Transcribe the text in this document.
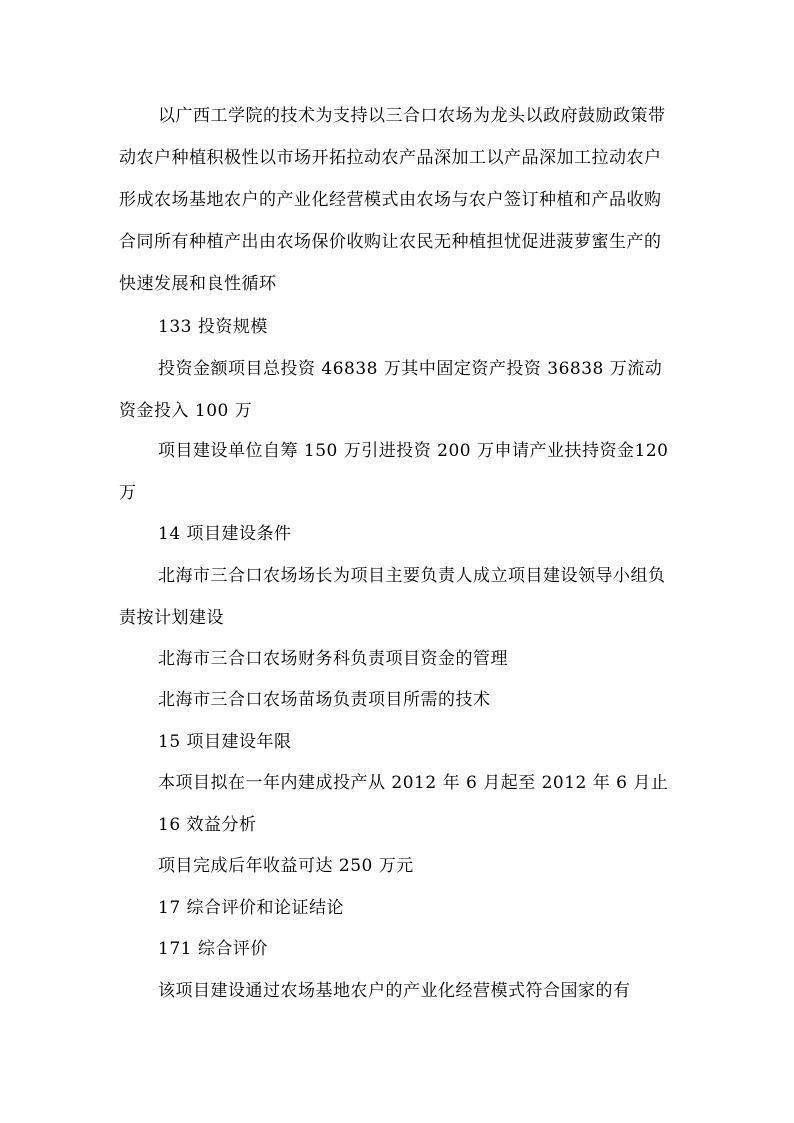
以广西工学院的技术为支持以三合口农场为龙头以政府鼓励政策带动农户种植积极性以市场开拓拉动农产品深加工以产品深加工拉动农户形成农场基地农户的产业化经营模式由农场与农户签订种植和产品收购合同所有种植产出由农场保价收购让农民无种植担忧促进菠萝蜜生产的快速发展和良性循环

133 投资规模

投资金额项目总投资 46838 万其中固定资产投资 36838 万流动资金投入 100 万

项目建设单位自筹 150 万引进投资 200 万申请产业扶持资金120 万

14 项目建设条件

北海市三合口农场场长为项目主要负责人成立项目建设领导小组负责按计划建设

北海市三合口农场财务科负责项目资金的管理

北海市三合口农场苗场负责项目所需的技术

15 项目建设年限

本项目拟在一年内建成投产从 2012 年 6 月起至 2012 年 6 月止

16 效益分析

项目完成后年收益可达 250 万元

17 综合评价和论证结论

171 综合评价

该项目建设通过农场基地农户的产业化经营模式符合国家的有
